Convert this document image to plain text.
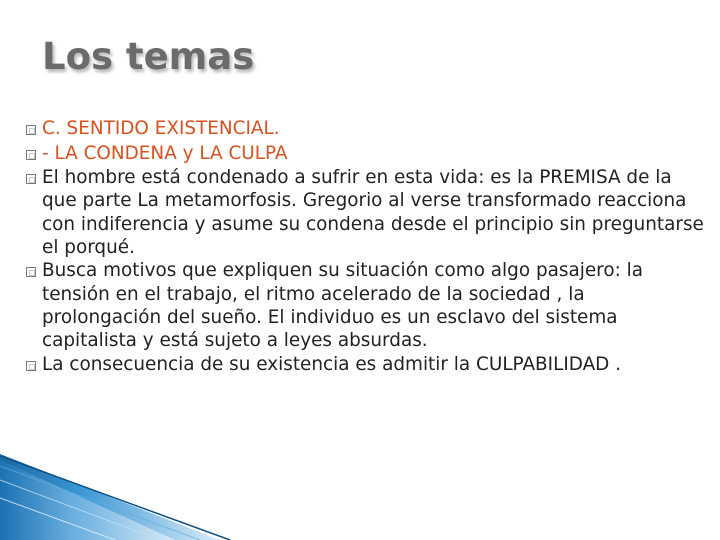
Los temas
C. SENTIDO EXISTENCIAL.
- LA CONDENA y LA CULPA
El hombre está condenado a sufrir en esta vida: es la PREMISA de la que parte La metamorfosis. Gregorio al verse transformado reacciona con indiferencia y asume su condena desde el principio sin preguntarse el porqué.
Busca motivos que expliquen su situación como algo pasajero: la tensión en el trabajo, el ritmo acelerado de la sociedad , la prolongación del sueño. El individuo es un esclavo del sistema capitalista y está sujeto a leyes absurdas.
La consecuencia de su existencia es admitir la CULPABILIDAD .
